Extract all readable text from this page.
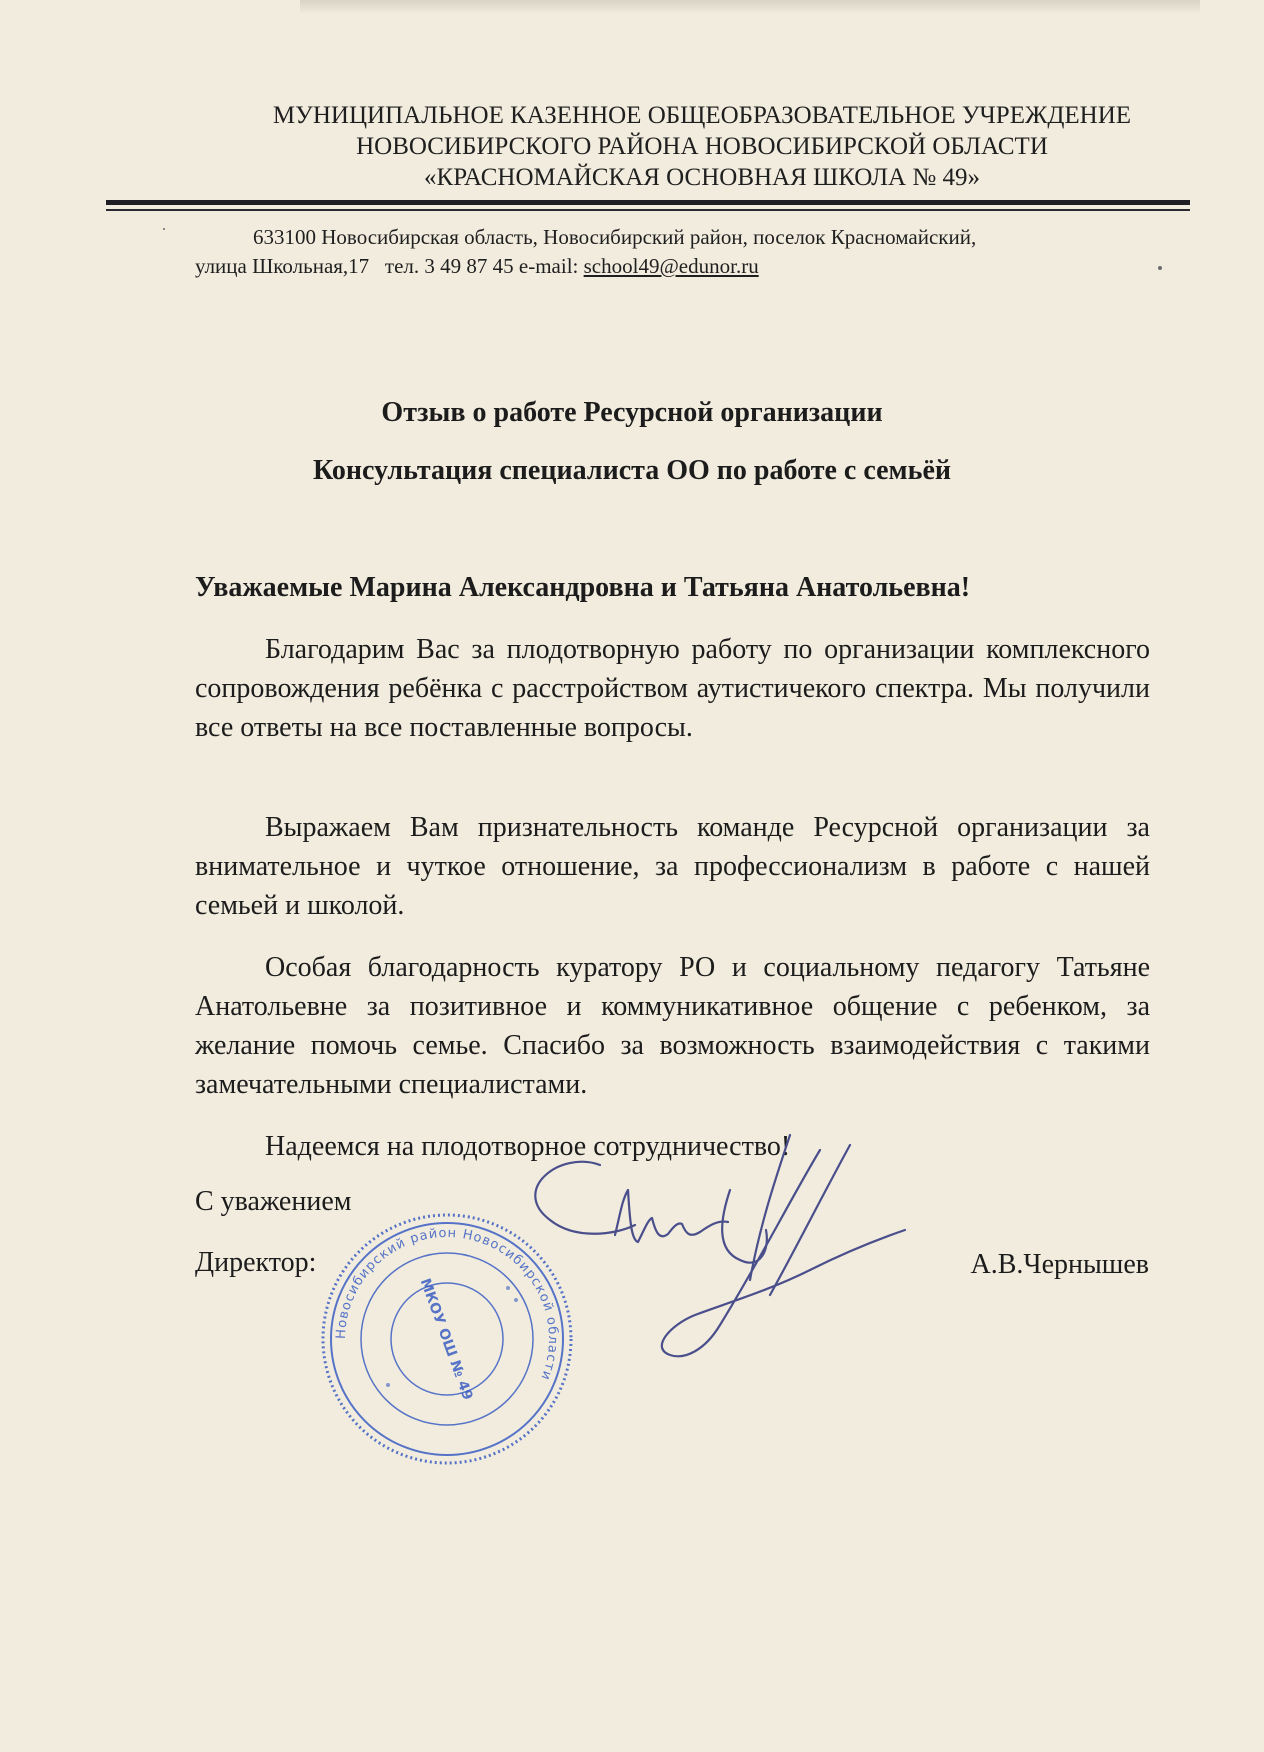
МУНИЦИПАЛЬНОЕ КАЗЕННОЕ ОБЩЕОБРАЗОВАТЕЛЬНОЕ УЧРЕЖДЕНИЕ
НОВОСИБИРСКОГО РАЙОНА НОВОСИБИРСКОЙ ОБЛАСТИ
«КРАСНОМАЙСКАЯ ОСНОВНАЯ ШКОЛА № 49»
633100 Новосибирская область, Новосибирский район, поселок Красномайский,
улица Школьная,17   тел. 3 49 87 45 e-mail: school49@edunor.ru
Отзыв о работе Ресурсной организации
Консультация специалиста ОО по работе с семьёй
Уважаемые Марина Александровна и Татьяна Анатольевна!

Благодарим Вас за плодотворную работу по организации комплексного сопровождения ребёнка с расстройством аутистичекого спектра. Мы получили все ответы на все поставленные вопросы.

Выражаем Вам признательность команде Ресурсной организации за внимательное и чуткое отношение, за профессионализм в работе с нашей семьей и школой.

Особая благодарность куратору РО и социальному педагогу Татьяне Анатольевне за позитивное и коммуникативное общение с ребенком, за желание помочь семье. Спасибо за возможность взаимодействия с такими замечательными специалистами.

Надеемся на плодотворное сотрудничество!

С уважением
Директор:	А.В.Чернышев
Новосибирский район Новосибирской области
МКОУ ОШ № 49
